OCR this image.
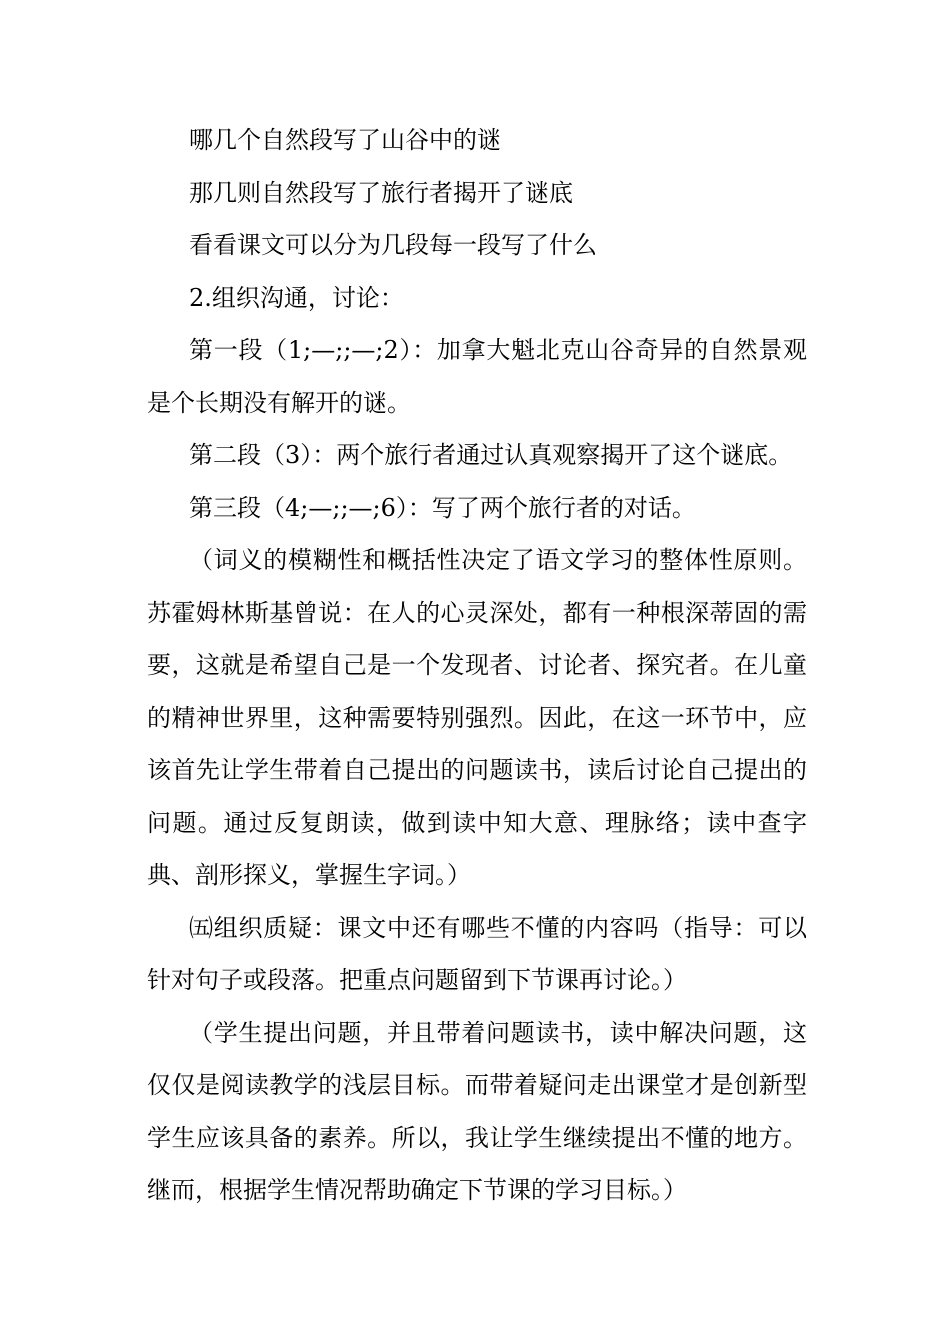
哪几个自然段写了山谷中的谜

那几则自然段写了旅行者揭开了谜底

看看课文可以分为几段每一段写了什么

2.组织沟通，讨论：

第一段（1;—;;—;2）：加拿大魁北克山谷奇异的自然景观是个长期没有解开的谜。

第二段（3）：两个旅行者通过认真观察揭开了这个谜底。

第三段（4;—;;—;6）：写了两个旅行者的对话。

（词义的模糊性和概括性决定了语文学习的整体性原则。苏霍姆林斯基曾说：在人的心灵深处，都有一种根深蒂固的需要，这就是希望自己是一个发现者、讨论者、探究者。在儿童的精神世界里，这种需要特别强烈。因此，在这一环节中，应该首先让学生带着自己提出的问题读书，读后讨论自己提出的问题。通过反复朗读，做到读中知大意、理脉络；读中查字典、剖形探义，掌握生字词。）

㈤组织质疑：课文中还有哪些不懂的内容吗（指导：可以针对句子或段落。把重点问题留到下节课再讨论。）

（学生提出问题，并且带着问题读书，读中解决问题，这仅仅是阅读教学的浅层目标。而带着疑问走出课堂才是创新型学生应该具备的素养。所以，我让学生继续提出不懂的地方。继而，根据学生情况帮助确定下节课的学习目标。）
